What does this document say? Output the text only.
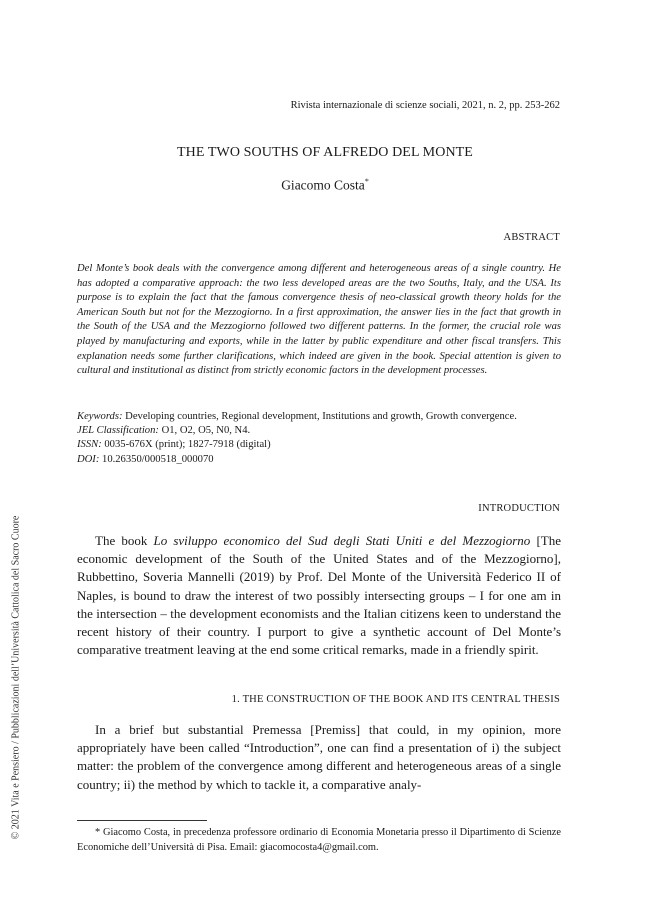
Rivista internazionale di scienze sociali, 2021, n. 2, pp. 253-262
THE TWO SOUTHS OF ALFREDO DEL MONTE
Giacomo Costa*
ABSTRACT

Del Monte’s book deals with the convergence among different and heterogeneous areas of a single country. He has adopted a comparative approach: the two less developed areas are the two Souths, Italy, and the USA. Its purpose is to explain the fact that the famous convergence thesis of neo-classical growth theory holds for the American South but not for the Mezzogiorno. In a first approximation, the answer lies in the fact that growth in the South of the USA and the Mezzogiorno followed two different patterns. In the former, the crucial role was played by manufacturing and exports, while in the latter by public expenditure and other fiscal transfers. This explanation needs some further clarifications, which indeed are given in the book. Special attention is given to cultural and institutional as distinct from strictly economic factors in the development processes.

Keywords: Developing countries, Regional development, Institutions and growth, Growth convergence.
JEL Classification: O1, O2, O5, N0, N4.
ISSN: 0035-676X (print); 1827-7918 (digital)
DOI: 10.26350/000518_000070
INTRODUCTION

The book Lo sviluppo economico del Sud degli Stati Uniti e del Mezzogiorno [The economic development of the South of the United States and of the Mezzogiorno], Rubbettino, Soveria Mannelli (2019) by Prof. Del Monte of the Università Federico II of Naples, is bound to draw the interest of two possibly intersecting groups – I for one am in the intersection – the development economists and the Italian citizens keen to understand the recent history of their country. I purport to give a synthetic account of Del Monte’s comparative treatment leaving at the end some critical remarks, made in a friendly spirit.

1. THE CONSTRUCTION OF THE BOOK AND ITS CENTRAL THESIS

In a brief but substantial Premessa [Premiss] that could, in my opinion, more appropriately have been called “Introduction”, one can find a presentation of i) the subject matter: the problem of the convergence among different and heterogeneous areas of a single country; ii) the method by which to tackle it, a comparative analy-

* Giacomo Costa, in precedenza professore ordinario di Economia Monetaria presso il Dipartimento di Scienze Economiche dell’Università di Pisa. Email: giacomocosta4@gmail.com.

© 2021 Vita e Pensiero / Pubblicazioni dell’Università Cattolica del Sacro Cuore
